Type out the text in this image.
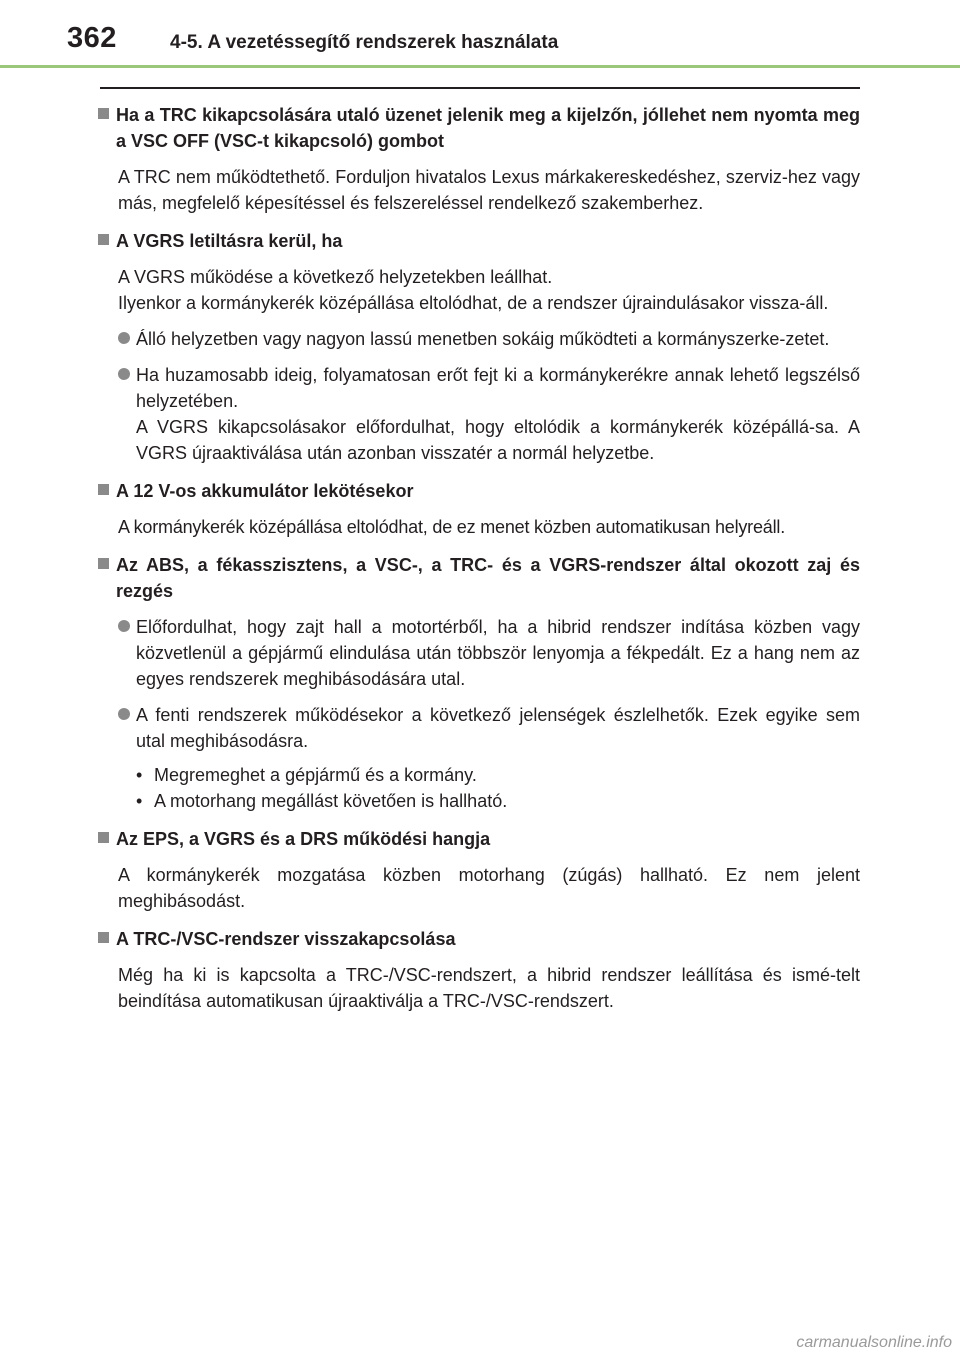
362	4-5. A vezetéssegítő rendszerek használata
Ha a TRC kikapcsolására utaló üzenet jelenik meg a kijelzőn, jóllehet nem nyomta meg a VSC OFF (VSC-t kikapcsoló) gombot
A TRC nem működtethető. Forduljon hivatalos Lexus márkakereskedéshez, szerviz-hez vagy más, megfelelő képesítéssel és felszereléssel rendelkező szakemberhez.
A VGRS letiltásra kerül, ha
A VGRS működése a következő helyzetekben leállhat.
Ilyenkor a kormánykerék középállása eltolódhat, de a rendszer újraindulásakor vissza-áll.
Álló helyzetben vagy nagyon lassú menetben sokáig működteti a kormányszerke-zetet.
Ha huzamosabb ideig, folyamatosan erőt fejt ki a kormánykerékre annak lehető legszélső helyzetében.
A VGRS kikapcsolásakor előfordulhat, hogy eltolódik a kormánykerék középállá-sa. A VGRS újraaktiválása után azonban visszatér a normál helyzetbe.
A 12 V-os akkumulátor lekötésekor
A kormánykerék középállása eltolódhat, de ez menet közben automatikusan helyreáll.
Az ABS, a fékasszisztens, a VSC-, a TRC- és a VGRS-rendszer által okozott zaj és rezgés
Előfordulhat, hogy zajt hall a motortérből, ha a hibrid rendszer indítása közben vagy közvetlenül a gépjármű elindulása után többször lenyomja a fékpedált. Ez a hang nem az egyes rendszerek meghibásodására utal.
A fenti rendszerek működésekor a következő jelenségek észlelhetők. Ezek egyike sem utal meghibásodásra.
• Megremeghet a gépjármű és a kormány.
• A motorhang megállást követően is hallható.
Az EPS, a VGRS és a DRS működési hangja
A kormánykerék mozgatása közben motorhang (zúgás) hallható. Ez nem jelent meghibásodást.
A TRC-/VSC-rendszer visszakapcsolása
Még ha ki is kapcsolta a TRC-/VSC-rendszert, a hibrid rendszer leállítása és ismé-telt beindítása automatikusan újraaktiválja a TRC-/VSC-rendszert.
carmanualsonline.info
